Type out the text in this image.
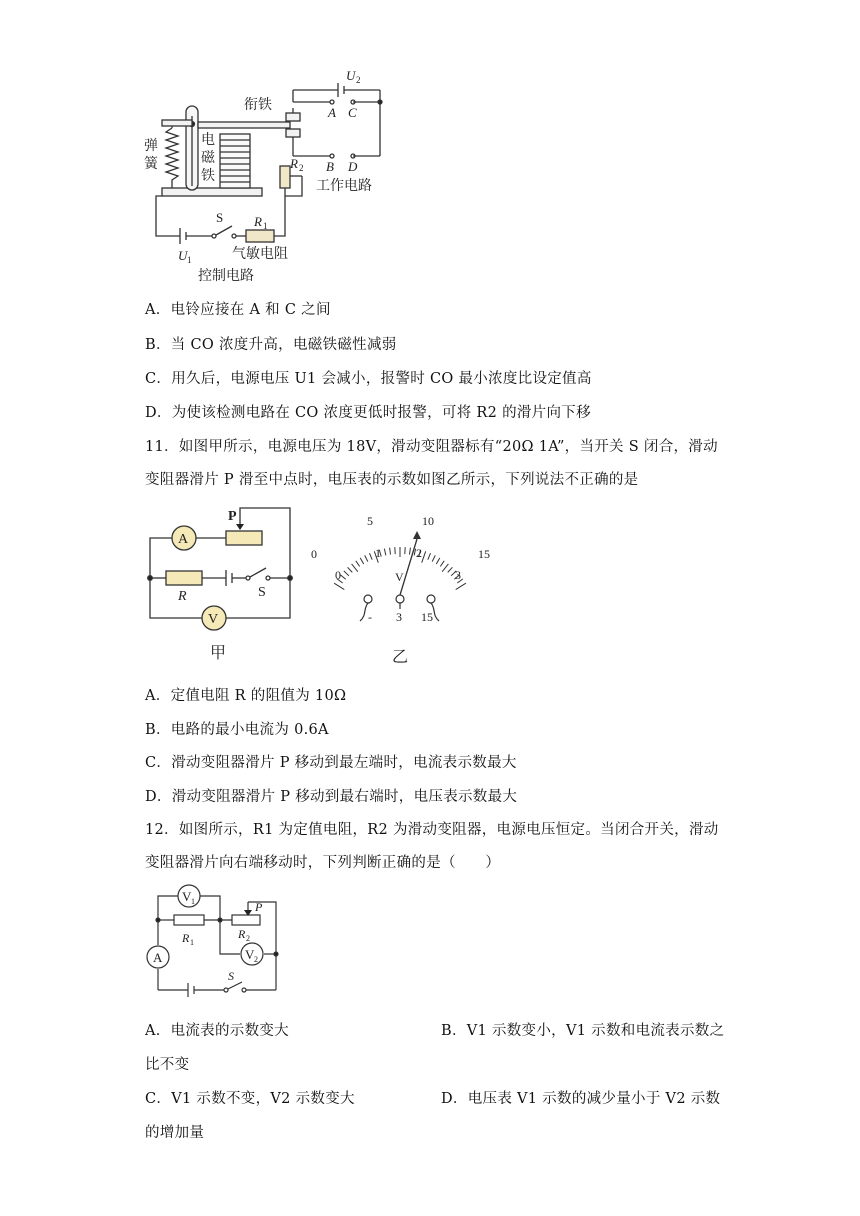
衔铁
弹
簧
电
磁
铁
U 2
A C
B D
R 2
工作电路
S R 1
气敏电阻
U 1
控制电路
A．电铃应接在 A 和 C 之间
B．当 CO 浓度升高，电磁铁磁性减弱
C．用久后，电源电压 U1 会减小，报警时 CO 最小浓度比设定值高
D．为使该检测电路在 CO 浓度更低时报警，可将 R2 的滑片向下移
11．如图甲所示，电源电压为 18V，滑动变阻器标有“20Ω 1A”，当开关 S 闭合，滑动
变阻器滑片 P 滑至中点时，电压表的示数如图乙所示，下列说法不正确的是
A
V
P
R	S
甲
0
5	10
15
0
1	2
3
V
- 3 15
乙
A．定值电阻 R 的阻值为 10Ω
B．电路的最小电流为 0.6A
C．滑动变阻器滑片 P 移动到最左端时，电流表示数最大
D．滑动变阻器滑片 P 移动到最右端时，电压表示数最大
12．如图所示，R1 为定值电阻，R2 为滑动变阻器，电源电压恒定。当闭合开关，滑动
变阻器滑片向右端移动时，下列判断正确的是（　　）
V 1
V 2
A
P
R 1
R 2
S
A．电流表的示数变大	B．V1 示数变小，V1 示数和电流表示数之
比不变
C．V1 示数不变，V2 示数变大	D．电压表 V1 示数的减少量小于 V2 示数
的增加量
